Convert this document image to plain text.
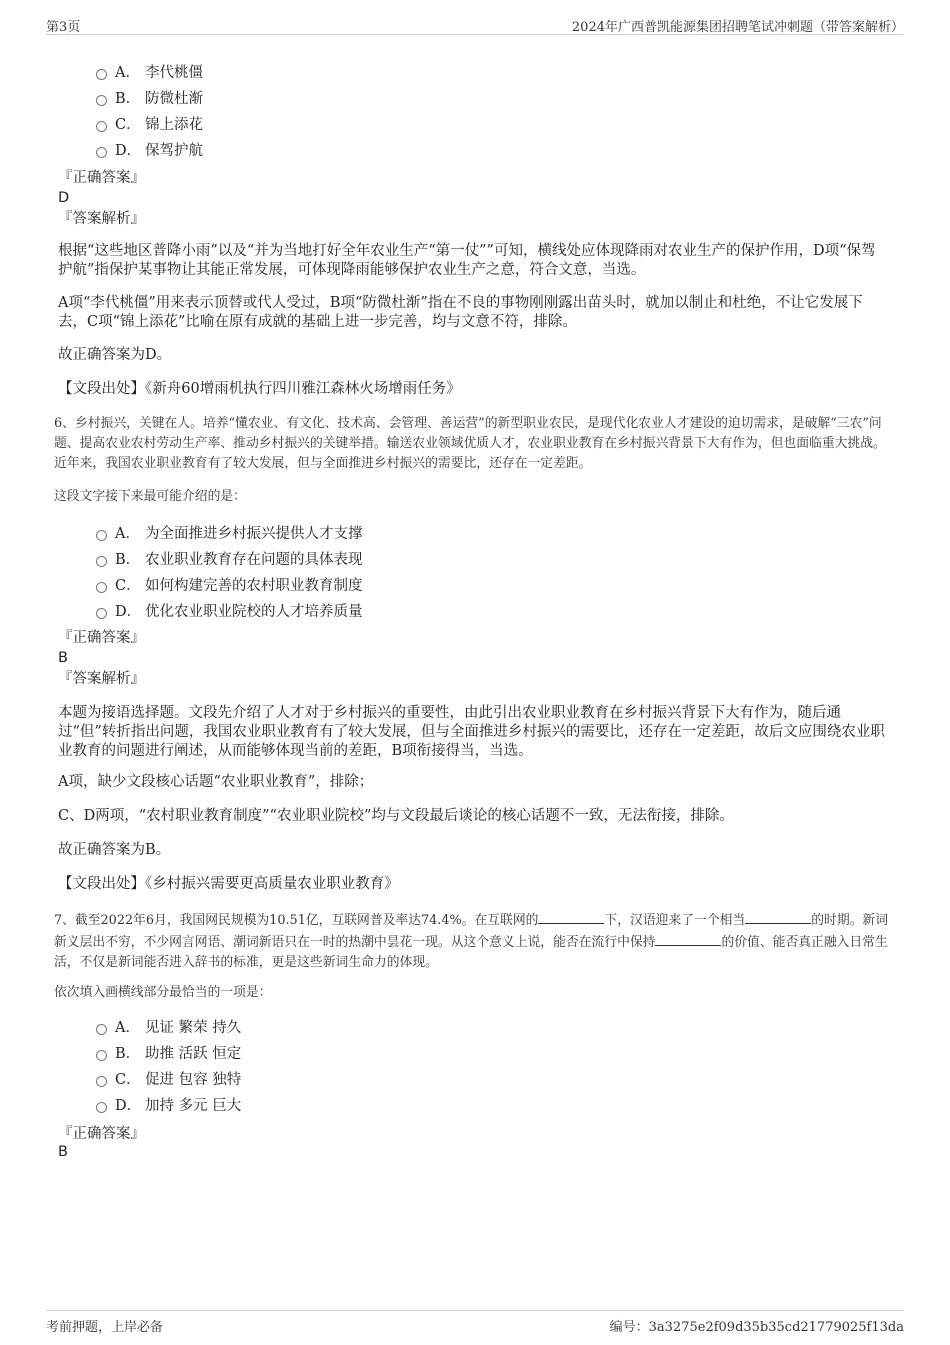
第3页	2024年广西普凯能源集团招聘笔试冲刺题（带答案解析）
A． 李代桃僵
B． 防微杜渐
C． 锦上添花
D． 保驾护航
『正确答案』
D
『答案解析』
根据“这些地区普降小雨”以及“并为当地打好全年农业生产“第一仗””可知，横线处应体现降雨对农业生产的保护作用，D项“保驾护航”指保护某事物让其能正常发展，可体现降雨能够保护农业生产之意，符合文意，当选。
A项“李代桃僵”用来表示顶替或代人受过，B项“防微杜渐”指在不良的事物刚刚露出苗头时，就加以制止和杜绝，不让它发展下去，C项“锦上添花”比喻在原有成就的基础上进一步完善，均与文意不符，排除。
故正确答案为D。
【文段出处】《新舟60增雨机执行四川雅江森林火场增雨任务》
6、乡村振兴，关键在人。培养“懂农业、有文化、技术高、会管理、善运营”的新型职业农民，是现代化农业人才建设的迫切需求，是破解“三农”问题、提高农业农村劳动生产率、推动乡村振兴的关键举措。输送农业领域优质人才，农业职业教育在乡村振兴背景下大有作为，但也面临重大挑战。近年来，我国农业职业教育有了较大发展，但与全面推进乡村振兴的需要比，还存在一定差距。
这段文字接下来最可能介绍的是：
A． 为全面推进乡村振兴提供人才支撑
B． 农业职业教育存在问题的具体表现
C． 如何构建完善的农村职业教育制度
D． 优化农业职业院校的人才培养质量
『正确答案』
B
『答案解析』
本题为接语选择题。文段先介绍了人才对于乡村振兴的重要性，由此引出农业职业教育在乡村振兴背景下大有作为，随后通过“但”转折指出问题，我国农业职业教育有了较大发展，但与全面推进乡村振兴的需要比，还存在一定差距，故后文应围绕农业职业教育的问题进行阐述，从而能够体现当前的差距，B项衔接得当，当选。
A项，缺少文段核心话题“农业职业教育”，排除；
C、D两项，“农村职业教育制度”“农业职业院校”均与文段最后谈论的核心话题不一致，无法衔接，排除。
故正确答案为B。
【文段出处】《乡村振兴需要更高质量农业职业教育》
7、截至2022年6月，我国网民规模为10.51亿，互联网普及率达74.4%。在互联网的	下，汉语迎来了一个相当	的时期。新词新义层出不穷，不少网言网语、潮词新语只在一时的热潮中昙花一现。从这个意义上说，能否在流行中保持	的价值、能否真正融入日常生活，不仅是新词能否进入辞书的标准，更是这些新词生命力的体现。
依次填入画横线部分最恰当的一项是：
A． 见证 繁荣 持久
B． 助推 活跃 恒定
C． 促进 包容 独特
D． 加持 多元 巨大
『正确答案』
B
考前押题，上岸必备	编号：3a3275e2f09d35b35cd21779025f13da
